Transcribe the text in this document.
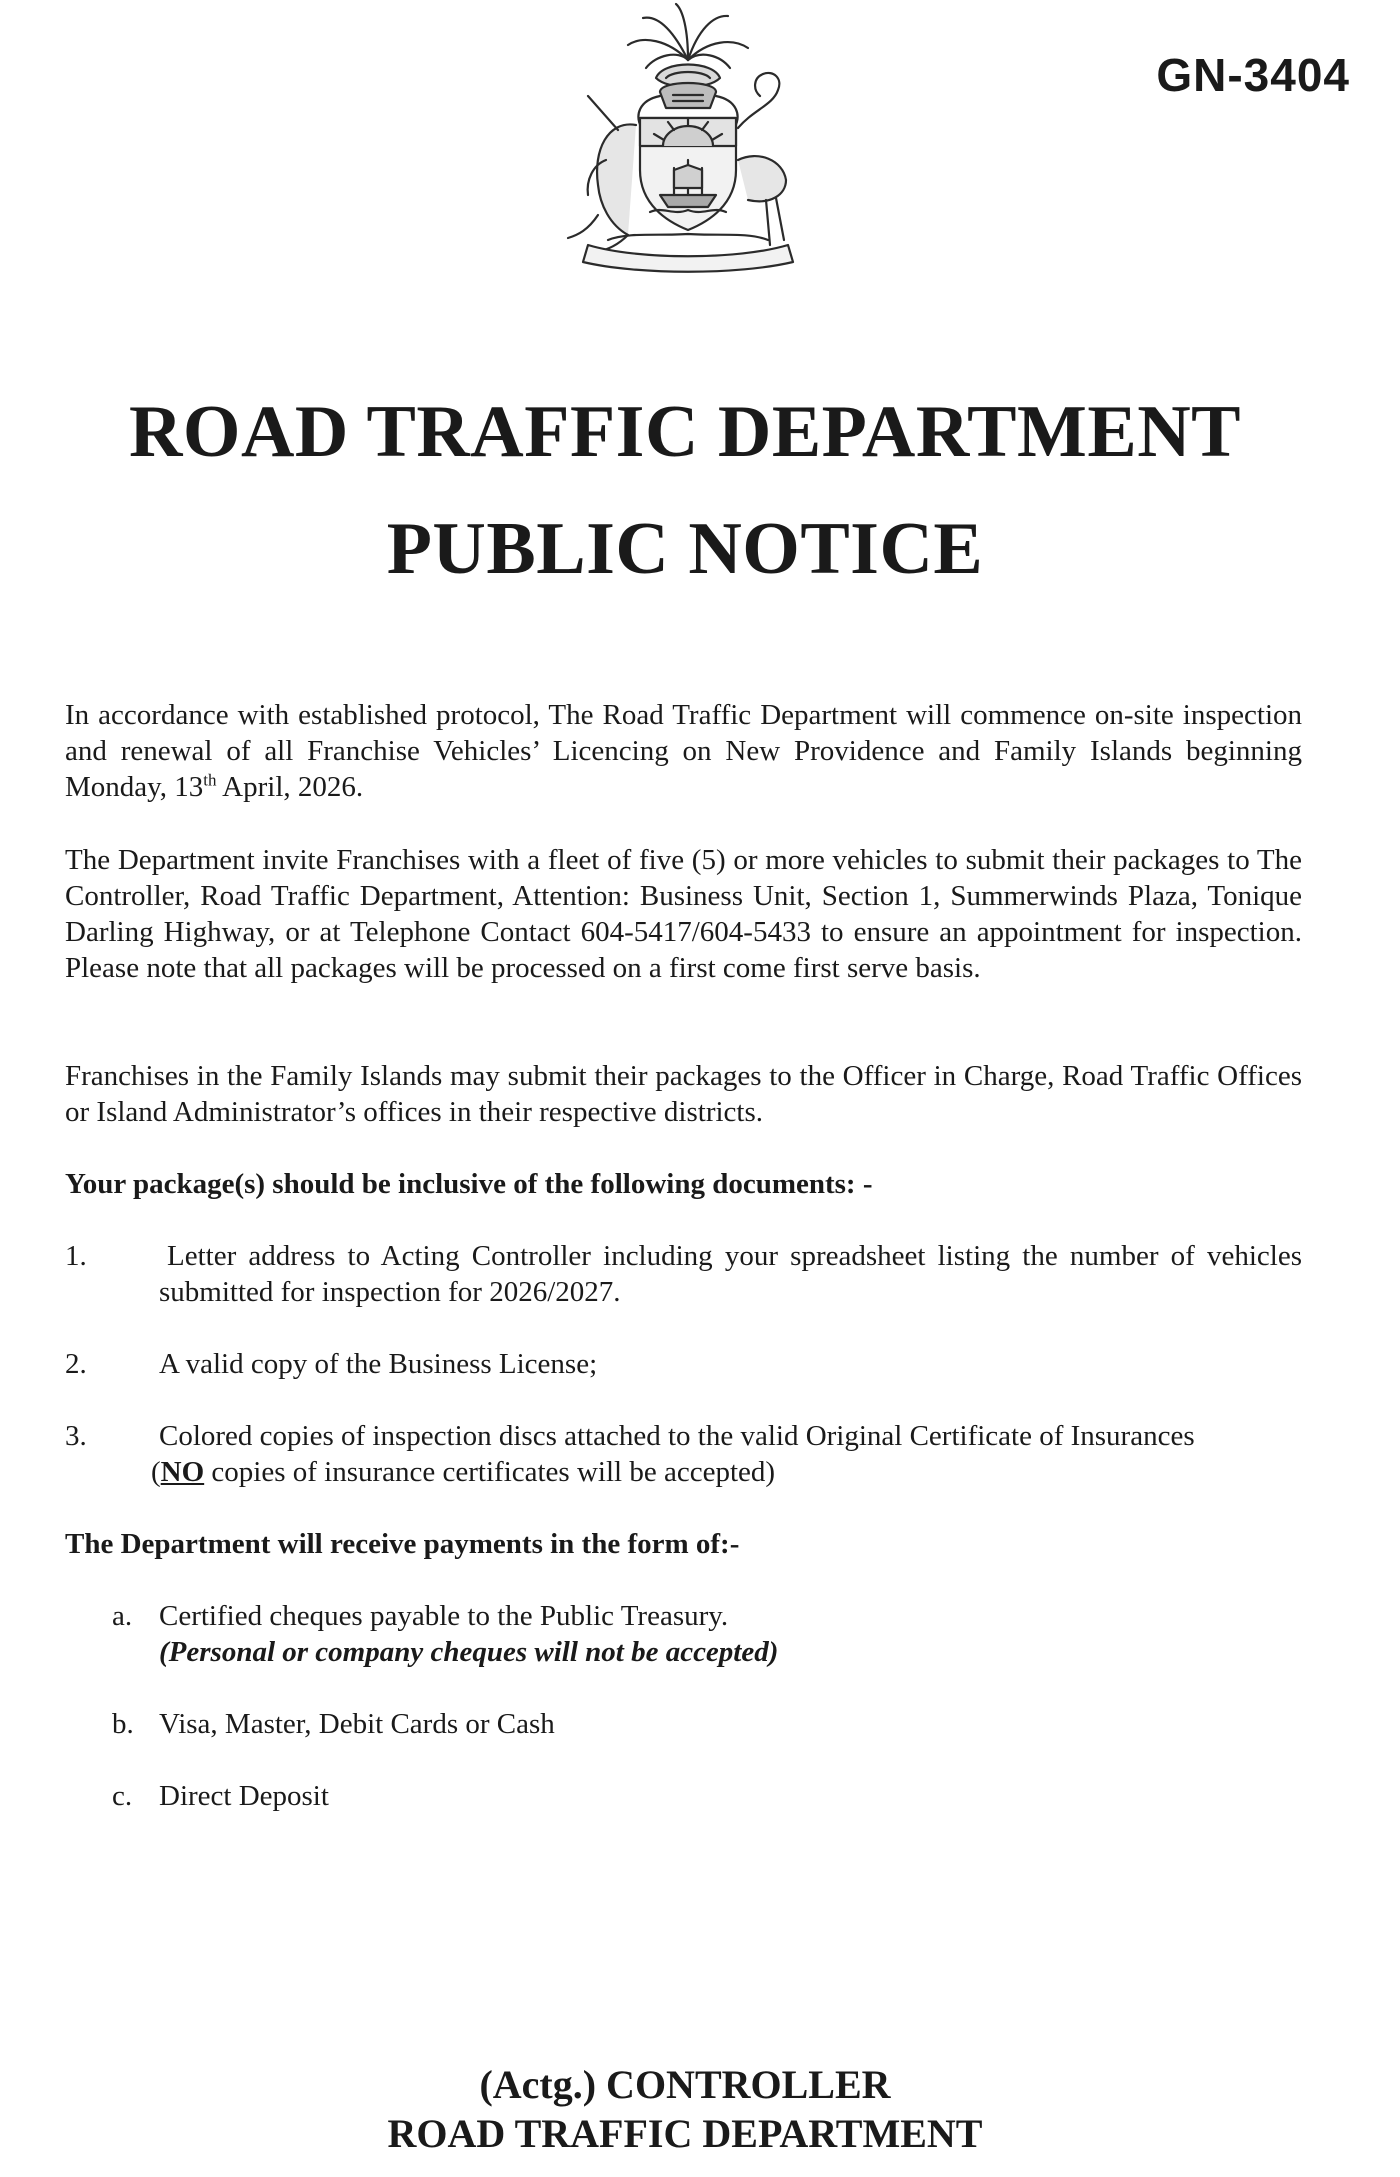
GN-3404
ROAD TRAFFIC DEPARTMENT
PUBLIC NOTICE
In accordance with established protocol, The Road Traffic Department will commence on-site inspection and renewal of all Franchise Vehicles’ Licencing on New Providence and Family Islands beginning Monday, 13th April, 2026.
The Department invite Franchises with a fleet of five (5) or more vehicles to submit their packages to The Controller, Road Traffic Department, Attention: Business Unit, Section 1, Summerwinds Plaza, Tonique Darling Highway, or at Telephone Contact 604-5417/604-5433 to ensure an appointment for inspection. Please note that all packages will be processed on a first come first serve basis.
Franchises in the Family Islands may submit their packages to the Officer in Charge, Road Traffic Offices or Island Administrator’s offices in their respective districts.
Your package(s) should be inclusive of the following documents: -
1.	Letter address to Acting Controller including your spreadsheet listing the number of vehicles submitted for inspection for 2026/2027.
2. A valid copy of the Business License;
3. Colored copies of inspection discs attached to the valid Original Certificate of Insurances
(NO copies of insurance certificates will be accepted)
The Department will receive payments in the form of:-
a. Certified cheques payable to the Public Treasury.
(Personal or company cheques will not be accepted)
b. Visa, Master, Debit Cards or Cash
c. Direct Deposit
(Actg.) CONTROLLER
ROAD TRAFFIC DEPARTMENT
